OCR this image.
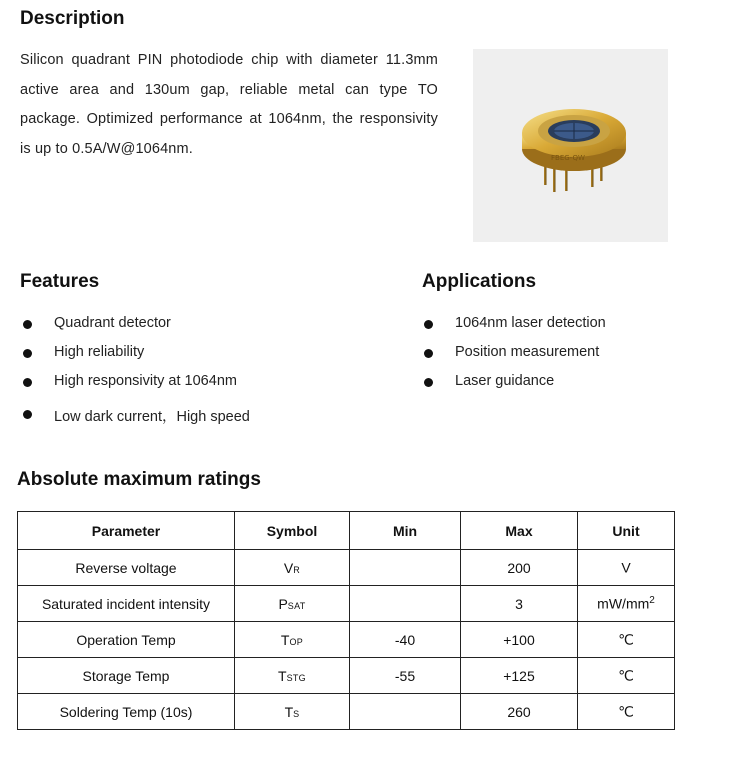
Description
Silicon quadrant PIN photodiode chip with diameter 11.3mm active area and 130um gap, reliable metal can type TO package. Optimized performance at 1064nm, the responsivity is up to 0.5A/W@1064nm.
FBEG-QW
Features	Applications
Quadrant detector
High reliability
High responsivity at 1064nm
Low dark current，High speed
1064nm laser detection
Position measurement
Laser guidance
Absolute maximum ratings
Parameter	Symbol	Min	Max	Unit
Reverse voltage	VR		200	V
Saturated incident intensity	PSAT		3	$mW/mm^2$
Operation Temp	TOP	-40	+100	℃
Storage Temp	TSTG	-55	+125	℃
Soldering Temp (10s)	TS		260	℃
